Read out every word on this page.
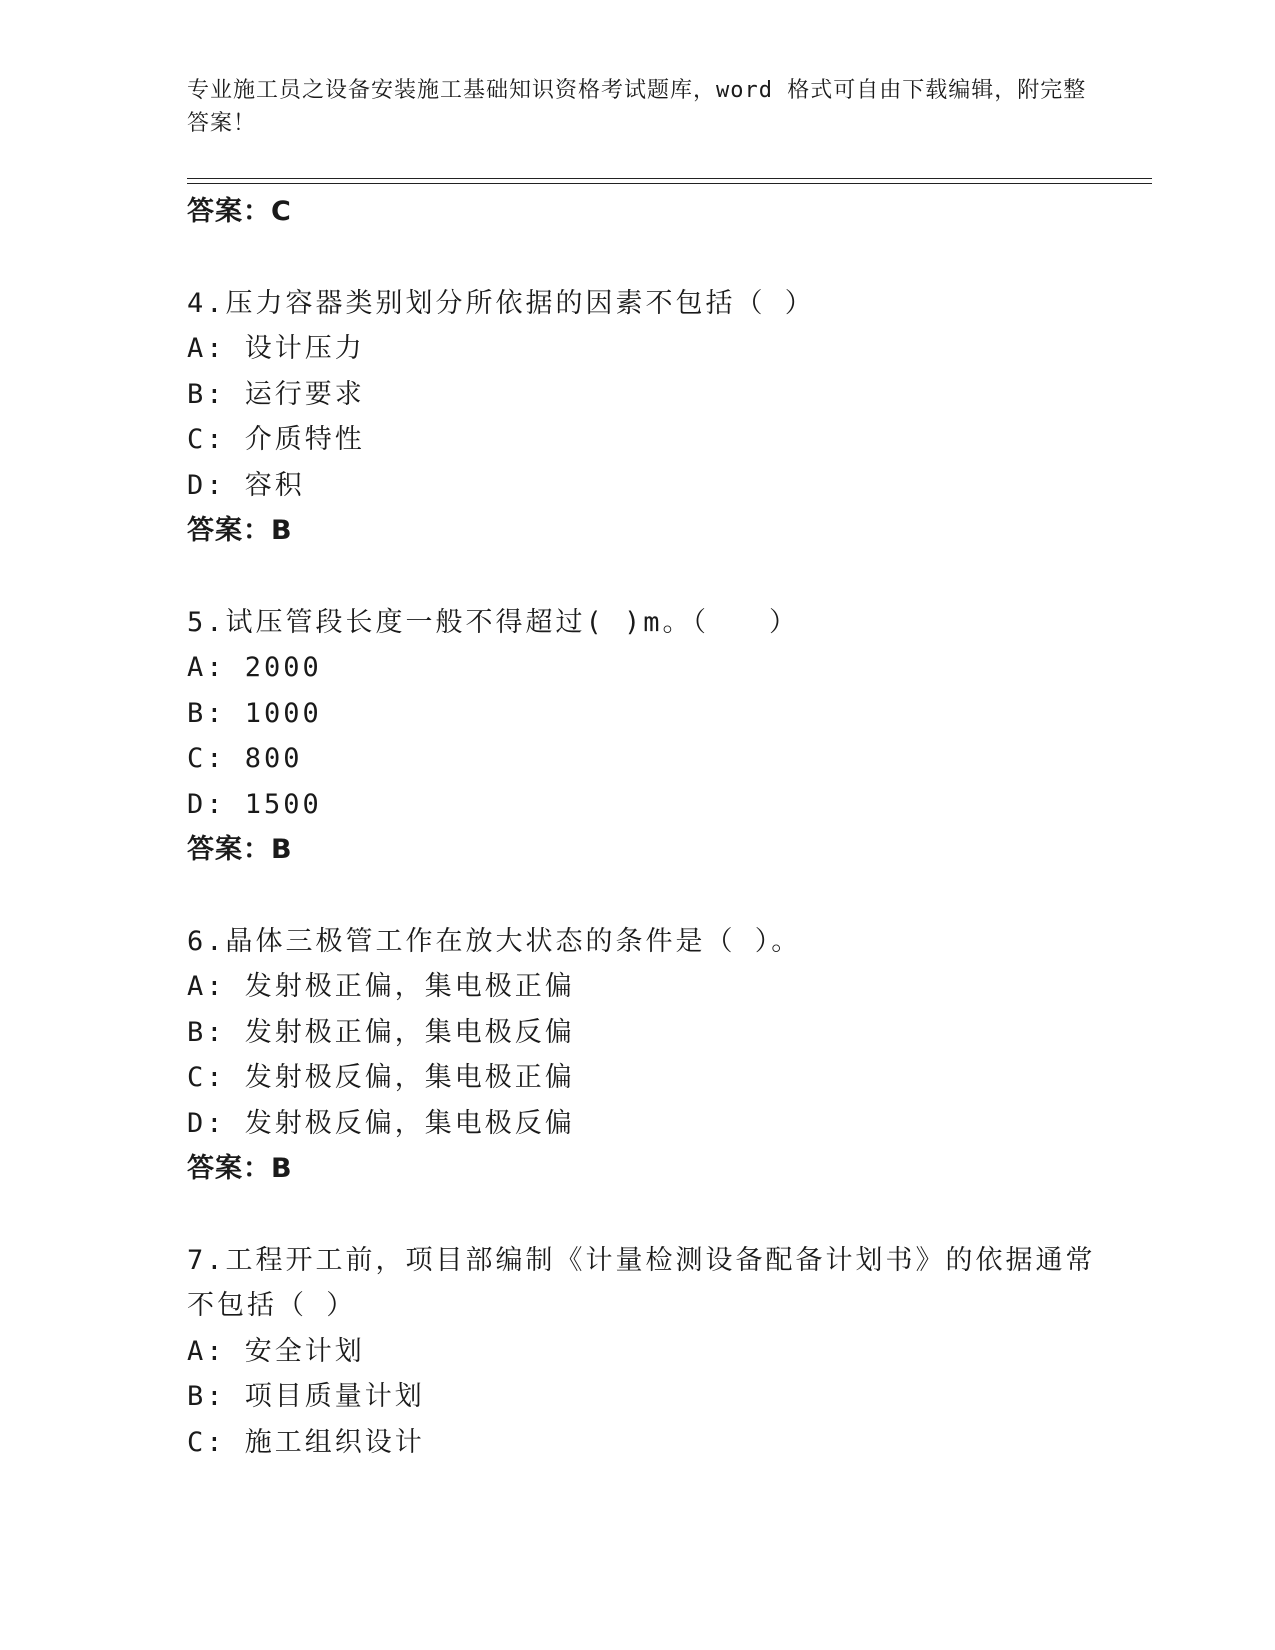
专业施工员之设备安装施工基础知识资格考试题库，word 格式可自由下载编辑，附完整答案！
答案：C
4.压力容器类别划分所依据的因素不包括（ ）
A: 设计压力
B: 运行要求
C: 介质特性
D: 容积
答案：B
5.试压管段长度一般不得超过( )m。（　　）
A: 2000
B: 1000
C: 800
D: 1500
答案：B
6.晶体三极管工作在放大状态的条件是（ ）。
A: 发射极正偏，集电极正偏
B: 发射极正偏，集电极反偏
C: 发射极反偏，集电极正偏
D: 发射极反偏，集电极反偏
答案：B
7.工程开工前，项目部编制《计量检测设备配备计划书》的依据通常
不包括（ ）
A: 安全计划
B: 项目质量计划
C: 施工组织设计
